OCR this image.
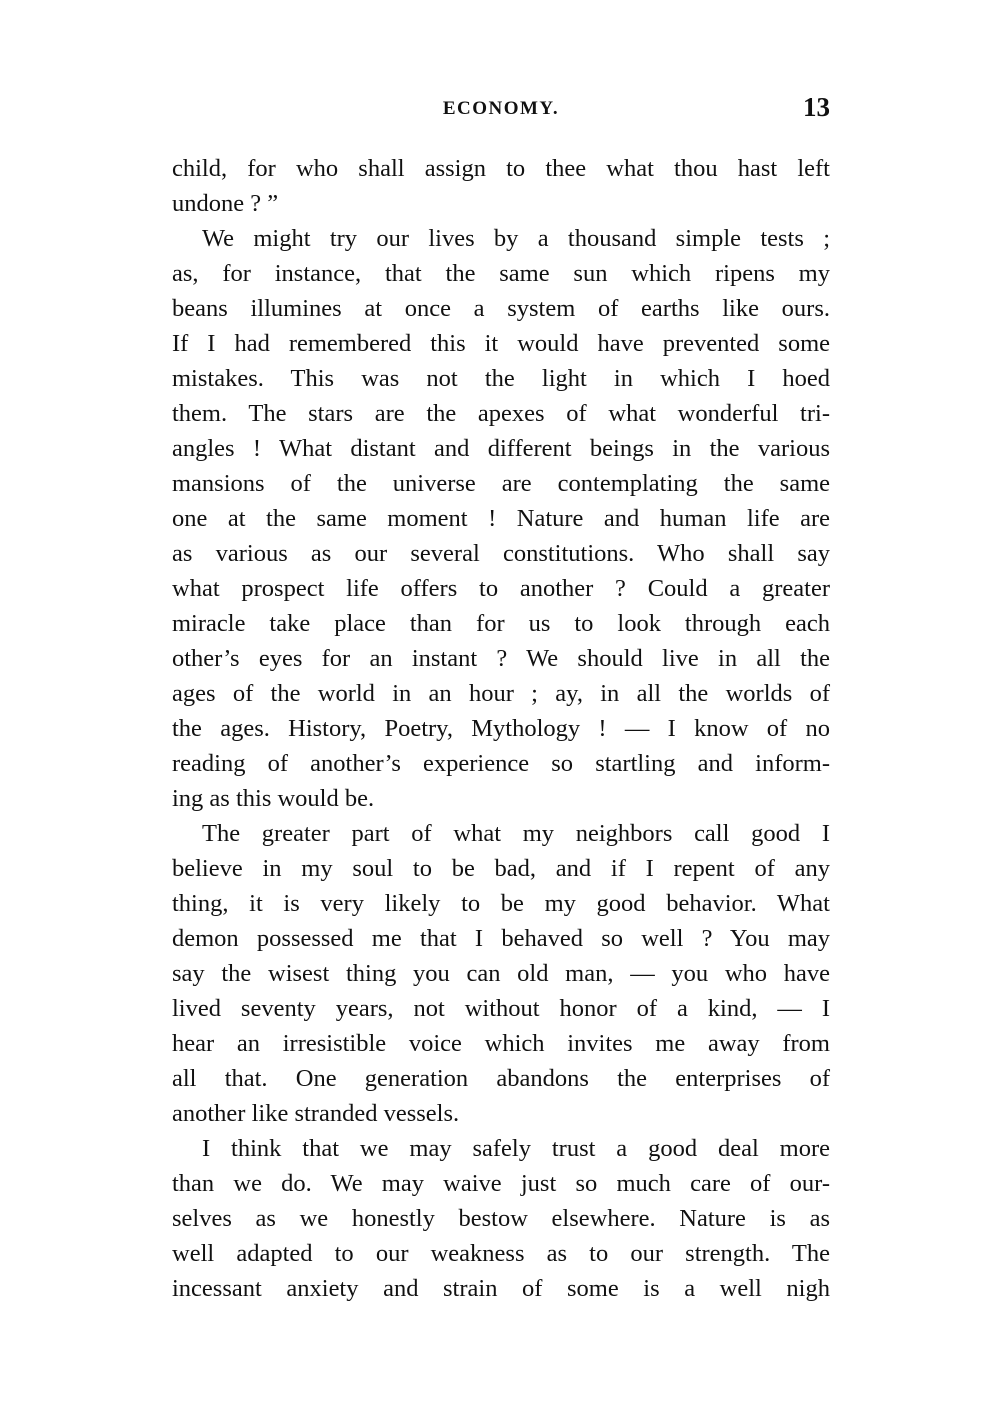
ECONOMY.	13
child, for who shall assign to thee what thou hast left
undone ? ”
We might try our lives by a thousand simple tests ;
as, for instance, that the same sun which ripens my
beans illumines at once a system of earths like ours.
If I had remembered this it would have prevented some
mistakes. This was not the light in which I hoed
them. The stars are the apexes of what wonderful tri-
angles ! What distant and different beings in the various
mansions of the universe are contemplating the same
one at the same moment ! Nature and human life are
as various as our several constitutions. Who shall say
what prospect life offers to another ? Could a greater
miracle take place than for us to look through each
other’s eyes for an instant ? We should live in all the
ages of the world in an hour ; ay, in all the worlds of
the ages. History, Poetry, Mythology ! — I know of no
reading of another’s experience so startling and inform-
ing as this would be.
The greater part of what my neighbors call good I
believe in my soul to be bad, and if I repent of any
thing, it is very likely to be my good behavior. What
demon possessed me that I behaved so well ? You may
say the wisest thing you can old man, — you who have
lived seventy years, not without honor of a kind, — I
hear an irresistible voice which invites me away from
all that. One generation abandons the enterprises of
another like stranded vessels.
I think that we may safely trust a good deal more
than we do. We may waive just so much care of our-
selves as we honestly bestow elsewhere. Nature is as
well adapted to our weakness as to our strength. The
incessant anxiety and strain of some is a well nigh
